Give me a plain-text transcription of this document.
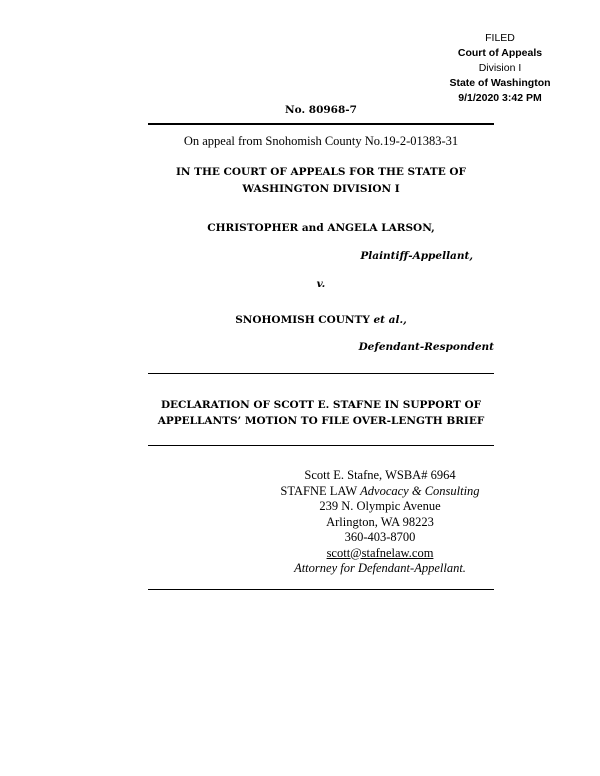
FILED
Court of Appeals
Division I
State of Washington
9/1/2020 3:42 PM
No. 80968-7
On appeal from Snohomish County No.19-2-01383-31
IN THE COURT OF APPEALS FOR THE STATE OF
WASHINGTON DIVISION I
CHRISTOPHER and ANGELA LARSON,
Plaintiff-Appellant,
v.
SNOHOMISH COUNTY et al.,
Defendant-Respondent
DECLARATION OF SCOTT E. STAFNE IN SUPPORT OF
APPELLANTS’ MOTION TO FILE OVER-LENGTH BRIEF
Scott E. Stafne, WSBA# 6964
STAFNE LAW Advocacy & Consulting
239 N. Olympic Avenue
Arlington, WA 98223
360-403-8700
scott@stafnelaw.com
Attorney for Defendant-Appellant.
